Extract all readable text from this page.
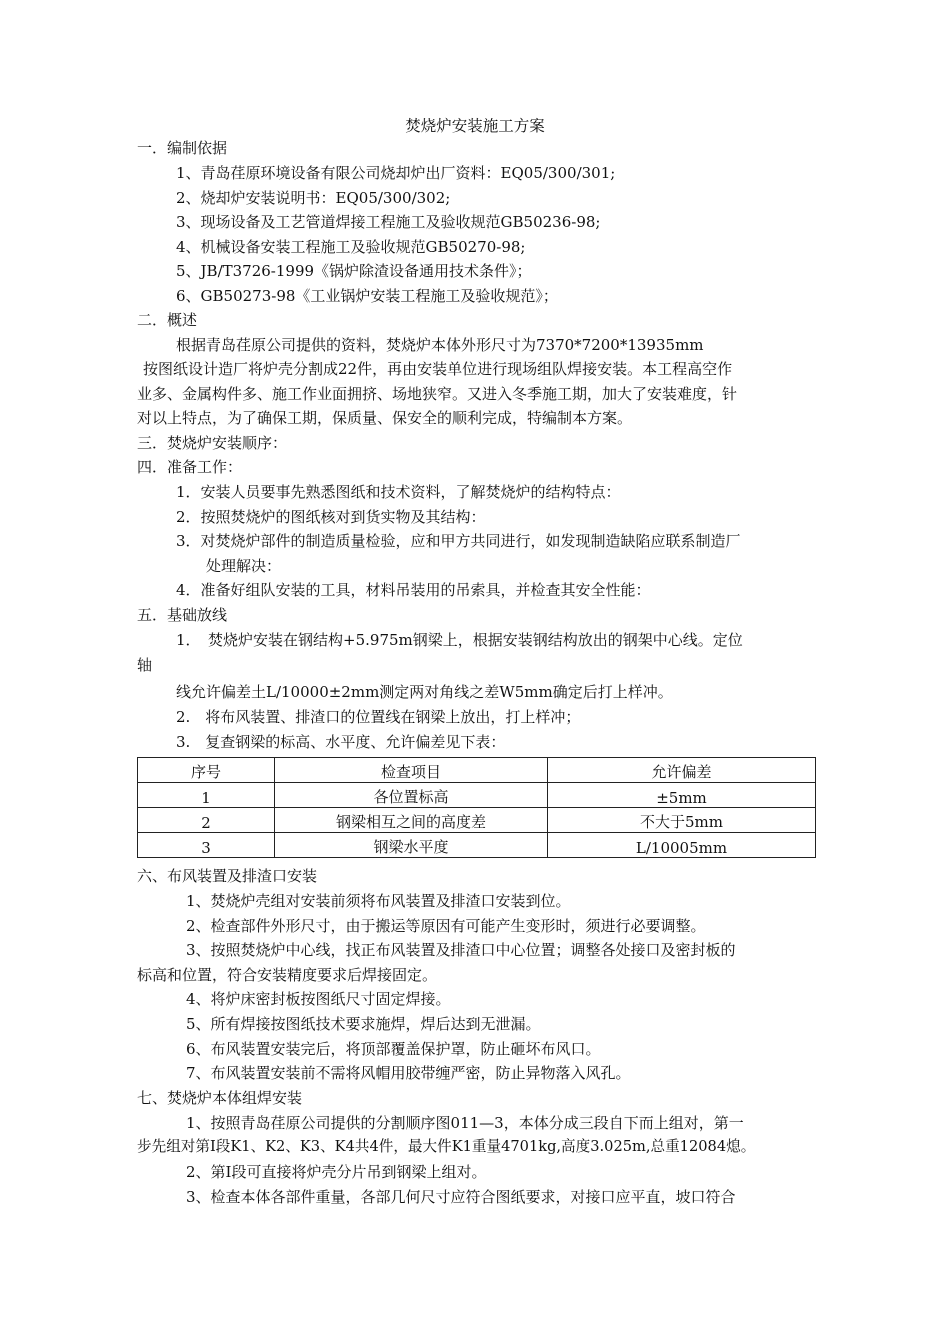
焚烧炉安装施工方案
一．编制依据
1、青岛荏原环境设备有限公司烧却炉出厂资料：EQ05/300/301;
2、烧却炉安装说明书：EQ05/300/302;
3、现场设备及工艺管道焊接工程施工及验收规范GB50236-98;
4、机械设备安装工程施工及验收规范GB50270-98;
5、JB/T3726-1999《锅炉除渣设备通用技术条件》；
6、GB50273-98《工业锅炉安装工程施工及验收规范》；
二．概述
根据青岛荏原公司提供的资料，焚烧炉本体外形尺寸为7370*7200*13935mm
按图纸设计造厂将炉壳分割成22件，再由安装单位进行现场组队焊接安装。本工程高空作
业多、金属构件多、施工作业面拥挤、场地狭窄。又进入冬季施工期，加大了安装难度，针
对以上特点，为了确保工期，保质量、保安全的顺利完成，特编制本方案。
三．焚烧炉安装顺序：
四．准备工作：
1．安装人员要事先熟悉图纸和技术资料，了解焚烧炉的结构特点：
2．按照焚烧炉的图纸核对到货实物及其结构：
3．对焚烧炉部件的制造质量检验，应和甲方共同进行，如发现制造缺陷应联系制造厂
处理解决：
4．准备好组队安装的工具，材料吊装用的吊索具，并检查其安全性能：
五．基础放线
1．　焚烧炉安装在钢结构+5.975m钢梁上，根据安装钢结构放出的钢架中心线。定位
轴
线允许偏差土L/10000±2mm测定两对角线之差W5mm确定后打上样冲。
2.　将布风装置、排渣口的位置线在钢梁上放出，打上样冲；
3.　复查钢梁的标高、水平度、允许偏差见下表：
序号	检查项目	允许偏差
1	各位置标高	±5mm
2	钢梁相互之间的高度差	不大于5mm
3	钢梁水平度	L/10005mm
六、布风装置及排渣口安装
1、焚烧炉壳组对安装前须将布风装置及排渣口安装到位。
2、检查部件外形尺寸，由于搬运等原因有可能产生变形时，须进行必要调整。
3、按照焚烧炉中心线，找正布风装置及排渣口中心位置；调整各处接口及密封板的
标高和位置，符合安装精度要求后焊接固定。
4、将炉床密封板按图纸尺寸固定焊接。
5、所有焊接按图纸技术要求施焊，焊后达到无泄漏。
6、布风装置安装完后，将顶部覆盖保护罩，防止砸坏布风口。
7、布风装置安装前不需将风帽用胶带缠严密，防止异物落入风孔。
七、焚烧炉本体组焊安装
1、按照青岛荏原公司提供的分割顺序图011—3，本体分成三段自下而上组对，第一
步先组对第Ⅰ段K1、K2、K3、K4共4件，最大件K1重量4701kg,高度3.025m,总重12084熄。
2、第Ⅰ段可直接将炉壳分片吊到钢梁上组对。
3、检查本体各部件重量，各部几何尺寸应符合图纸要求，对接口应平直，坡口符合
